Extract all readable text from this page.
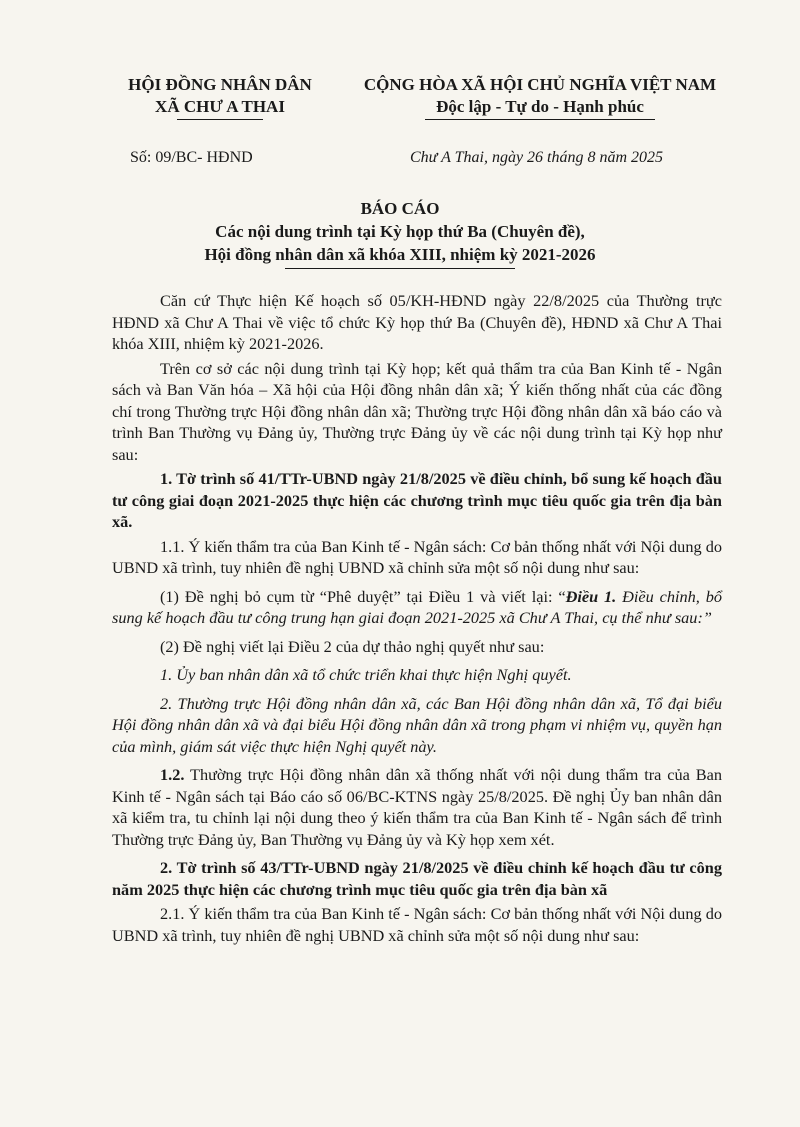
HỘI ĐỒNG NHÂN DÂN
XÃ CHƯ A THAI
CỘNG HÒA XÃ HỘI CHỦ NGHĨA VIỆT NAM
Độc lập - Tự do - Hạnh phúc
Số: 09/BC- HĐND	Chư A Thai, ngày 26 tháng 8 năm 2025
BÁO CÁO
Các nội dung trình tại Kỳ họp thứ Ba (Chuyên đề),
Hội đồng nhân dân xã khóa XIII, nhiệm kỳ 2021-2026

Căn cứ Thực hiện Kế hoạch số 05/KH-HĐND ngày 22/8/2025 của Thường trực HĐND xã Chư A Thai về việc tổ chức Kỳ họp thứ Ba (Chuyên đề), HĐND xã Chư A Thai khóa XIII, nhiệm kỳ 2021-2026.

Trên cơ sở các nội dung trình tại Kỳ họp; kết quả thẩm tra của Ban Kinh tế - Ngân sách và Ban Văn hóa – Xã hội của Hội đồng nhân dân xã; Ý kiến thống nhất của các đồng chí trong Thường trực Hội đồng nhân dân xã; Thường trực Hội đồng nhân dân xã báo cáo và trình Ban Thường vụ Đảng ủy, Thường trực Đảng ủy về các nội dung trình tại Kỳ họp như sau:

1. Tờ trình số 41/TTr-UBND ngày 21/8/2025 về điều chỉnh, bổ sung kế hoạch đầu tư công giai đoạn 2021-2025 thực hiện các chương trình mục tiêu quốc gia trên địa bàn xã.

1.1. Ý kiến thẩm tra của Ban Kinh tế - Ngân sách: Cơ bản thống nhất với Nội dung do UBND xã trình, tuy nhiên đề nghị UBND xã chỉnh sửa một số nội dung như sau:

(1) Đề nghị bỏ cụm từ “Phê duyệt” tại Điều 1 và viết lại: “Điều 1. Điều chỉnh, bổ sung kế hoạch đầu tư công trung hạn giai đoạn 2021-2025 xã Chư A Thai, cụ thể như sau:”

(2) Đề nghị viết lại Điều 2 của dự thảo nghị quyết như sau:

1. Ủy ban nhân dân xã tổ chức triển khai thực hiện Nghị quyết.

2. Thường trực Hội đồng nhân dân xã, các Ban Hội đồng nhân dân xã, Tổ đại biểu Hội đồng nhân dân xã và đại biểu Hội đồng nhân dân xã trong phạm vi nhiệm vụ, quyền hạn của mình, giám sát việc thực hiện Nghị quyết này.

1.2. Thường trực Hội đồng nhân dân xã thống nhất với nội dung thẩm tra của Ban Kinh tế - Ngân sách tại Báo cáo số 06/BC-KTNS ngày 25/8/2025. Đề nghị Ủy ban nhân dân xã kiểm tra, tu chỉnh lại nội dung theo ý kiến thẩm tra của Ban Kinh tế - Ngân sách để trình Thường trực Đảng ủy, Ban Thường vụ Đảng ủy và Kỳ họp xem xét.

2. Tờ trình số 43/TTr-UBND ngày 21/8/2025 về điều chỉnh kế hoạch đầu tư công năm 2025 thực hiện các chương trình mục tiêu quốc gia trên địa bàn xã

2.1. Ý kiến thẩm tra của Ban Kinh tế - Ngân sách: Cơ bản thống nhất với Nội dung do UBND xã trình, tuy nhiên đề nghị UBND xã chỉnh sửa một số nội dung như sau:
